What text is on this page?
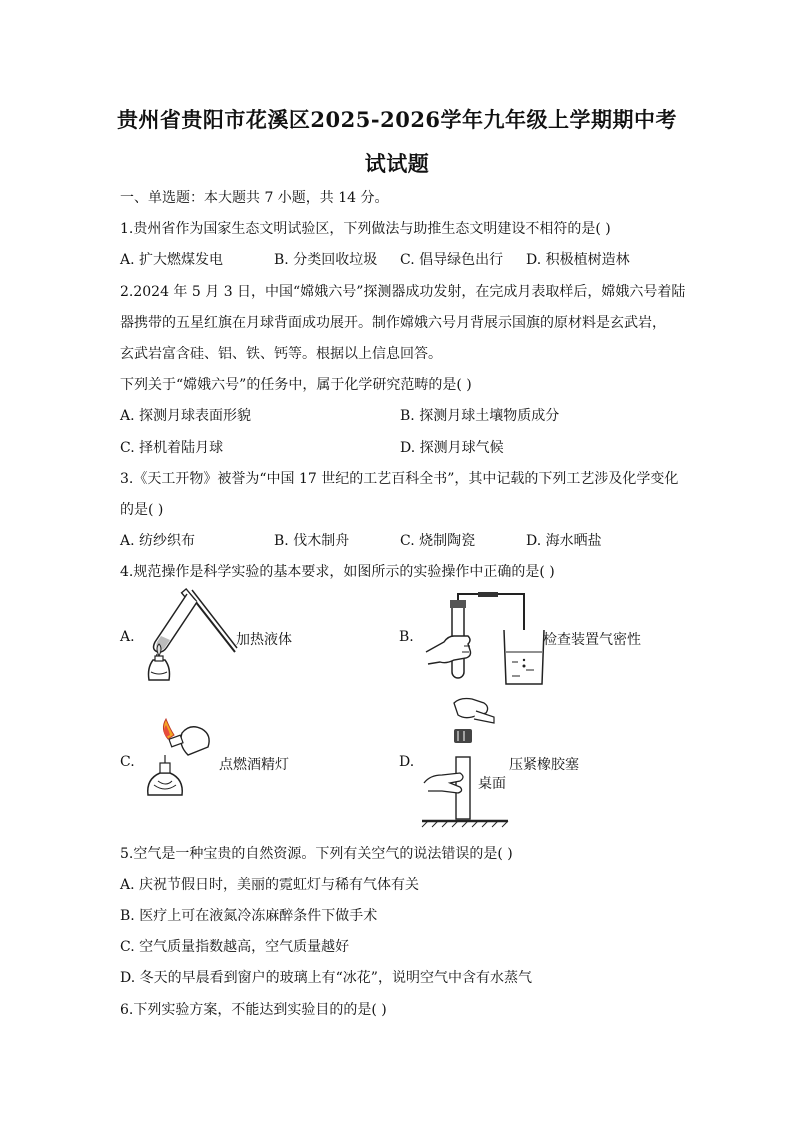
贵州省贵阳市花溪区2025-2026学年九年级上学期期中考
试试题
一、单选题：本大题共 7 小题，共 14 分。
1.贵州省作为国家生态文明试验区，下列做法与助推生态文明建设不相符的是( )
A. 扩大燃煤发电	B. 分类回收垃圾 C. 倡导绿色出行 D. 积极植树造林
2.2024 年 5 月 3 日，中国“嫦娥六号”探测器成功发射，在完成月表取样后，嫦娥六号着陆
器携带的五星红旗在月球背面成功展开。制作嫦娥六号月背展示国旗的原材料是玄武岩，
玄武岩富含硅、铝、铁、钙等。根据以上信息回答。
下列关于“嫦娥六号”的任务中，属于化学研究范畴的是( )
A. 探测月球表面形貌	B. 探测月球土壤物质成分
C. 择机着陆月球	D. 探测月球气候
3.《天工开物》被誉为“中国 17 世纪的工艺百科全书”，其中记载的下列工艺涉及化学变化
的是( )
A. 纺纱织布	B. 伐木制舟	C. 烧制陶瓷	D. 海水晒盐
4.规范操作是科学实验的基本要求，如图所示的实验操作中正确的是( )
A.	加热液体	B.	检查装置气密性
C.	点燃酒精灯	D.	压紧橡胶塞
桌面
5.空气是一种宝贵的自然资源。下列有关空气的说法错误的是( )
A. 庆祝节假日时，美丽的霓虹灯与稀有气体有关
B. 医疗上可在液氮冷冻麻醉条件下做手术
C. 空气质量指数越高，空气质量越好
D. 冬天的早晨看到窗户的玻璃上有“冰花”，说明空气中含有水蒸气
6.下列实验方案，不能达到实验目的的是( )
